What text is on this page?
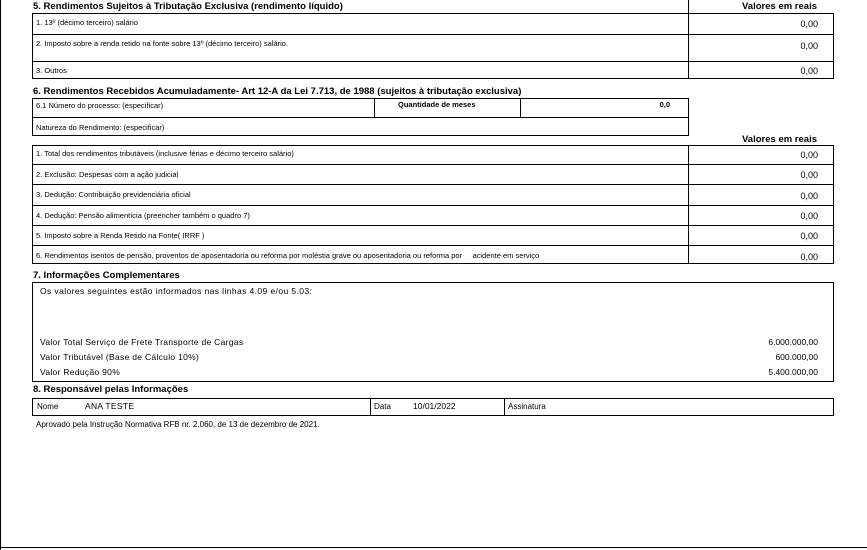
5. Rendimentos Sujeitos à Tributação Exclusiva (rendimento líquido)	Valores em reais
1. 13º (décimo terceiro) salário	0,00
2. Imposto sobre a renda retido na fonte sobre 13º (décimo terceiro) salário.	0,00
3. Outros	0,00
6. Rendimentos Recebidos Acumuladamente- Art 12-A da Lei 7.713, de 1988 (sujeitos à tributação exclusiva)
6.1 Número do processo: (especificar)	Quantidade de meses	0,0
Natureza do Rendimento: (especificar)
Valores em reais
1. Total dos rendimentos tributáveis (inclusive férias e décimo terceiro salário)	0,00
2. Exclusão: Despesas com a ação judicial	0,00
3. Dedução: Contribuição previdenciária oficial	0,00
4. Dedução: Pensão alimentícia (preencher também o quadro 7)	0,00
5. Imposto sobre a Renda Retido na Fonte( IRRF )	0,00
6. Rendimentos isentos de pensão, proventos de aposentadoria ou reforma por moléstia grave ou aposentadoria ou reforma por     acidente em serviço	0,00
7. Informações Complementares
Os valores seguintes estão informados nas linhas 4.09 e/ou 5.03:
Valor Total Serviço de Frete Transporte de Cargas	6.000.000,00
Valor Tributável (Base de Cálculo 10%)	600.000,00
Valor Redução 90%	5.400.000,00
8. Responsável pelas Informações
Nome	ANA TESTE	Data	10/01/2022	Assinatura
Aprovado pela Instrução Normativa RFB nr. 2.060, de 13 de dezembro de 2021.
